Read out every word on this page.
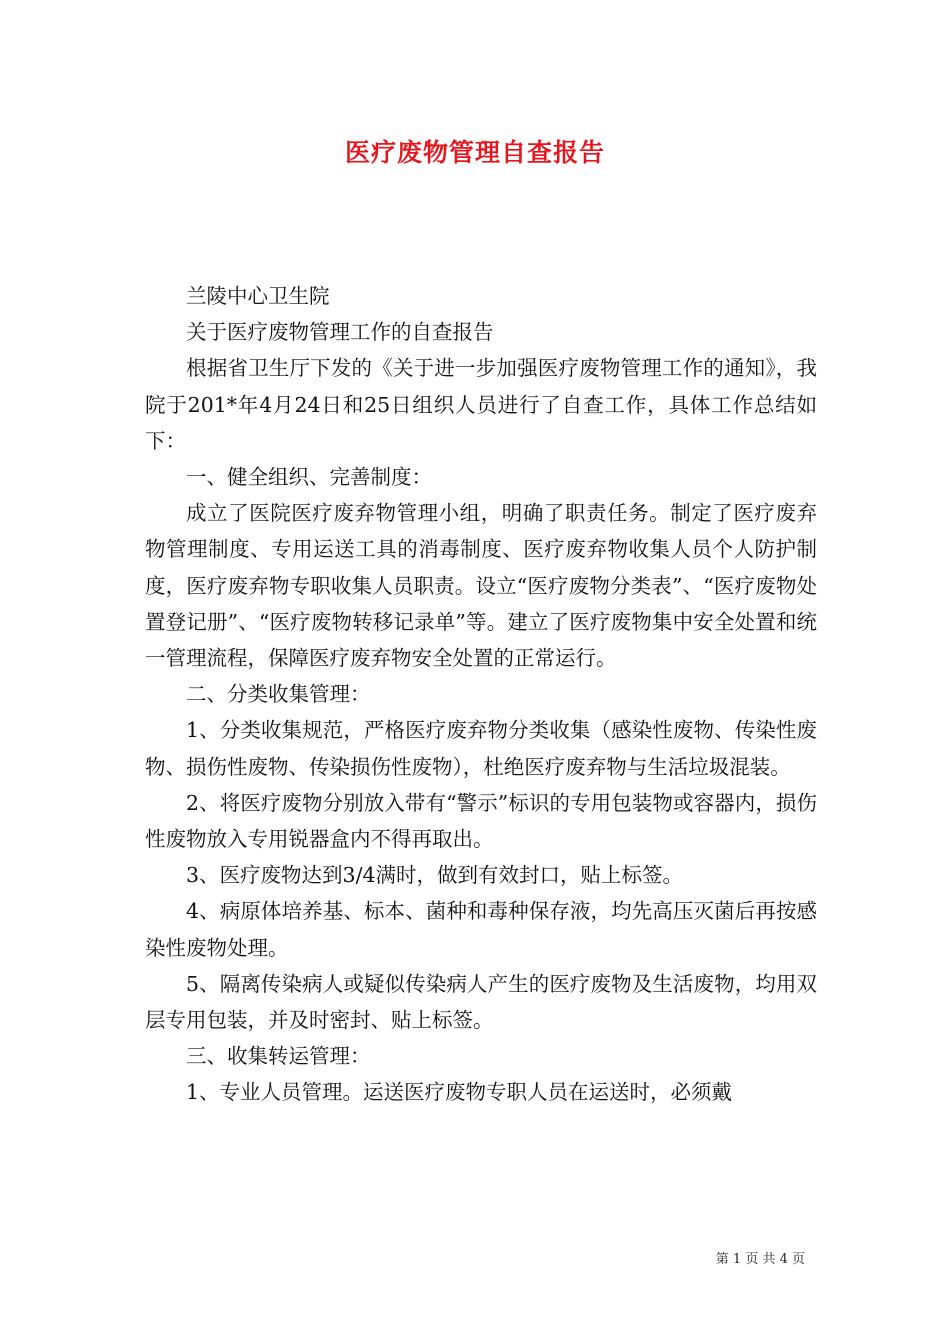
医疗废物管理自查报告

兰陵中心卫生院

关于医疗废物管理工作的自查报告

根据省卫生厅下发的《关于进一步加强医疗废物管理工作的通知》，我院于201*年4月24日和25日组织人员进行了自查工作，具体工作总结如下：

一、健全组织、完善制度：

成立了医院医疗废弃物管理小组，明确了职责任务。制定了医疗废弃物管理制度、专用运送工具的消毒制度、医疗废弃物收集人员个人防护制度，医疗废弃物专职收集人员职责。设立“医疗废物分类表”、“医疗废物处置登记册”、“医疗废物转移记录单”等。建立了医疗废物集中安全处置和统一管理流程，保障医疗废弃物安全处置的正常运行。

二、分类收集管理：

1、分类收集规范，严格医疗废弃物分类收集（感染性废物、传染性废物、损伤性废物、传染损伤性废物），杜绝医疗废弃物与生活垃圾混装。

2、将医疗废物分别放入带有“警示”标识的专用包装物或容器内，损伤性废物放入专用锐器盒内不得再取出。

3、医疗废物达到3/4满时，做到有效封口，贴上标签。

4、病原体培养基、标本、菌种和毒种保存液，均先高压灭菌后再按感染性废物处理。

5、隔离传染病人或疑似传染病人产生的医疗废物及生活废物，均用双层专用包装，并及时密封、贴上标签。

三、收集转运管理：

1、专业人员管理。运送医疗废物专职人员在运送时，必须戴

第 1 页 共 4 页
